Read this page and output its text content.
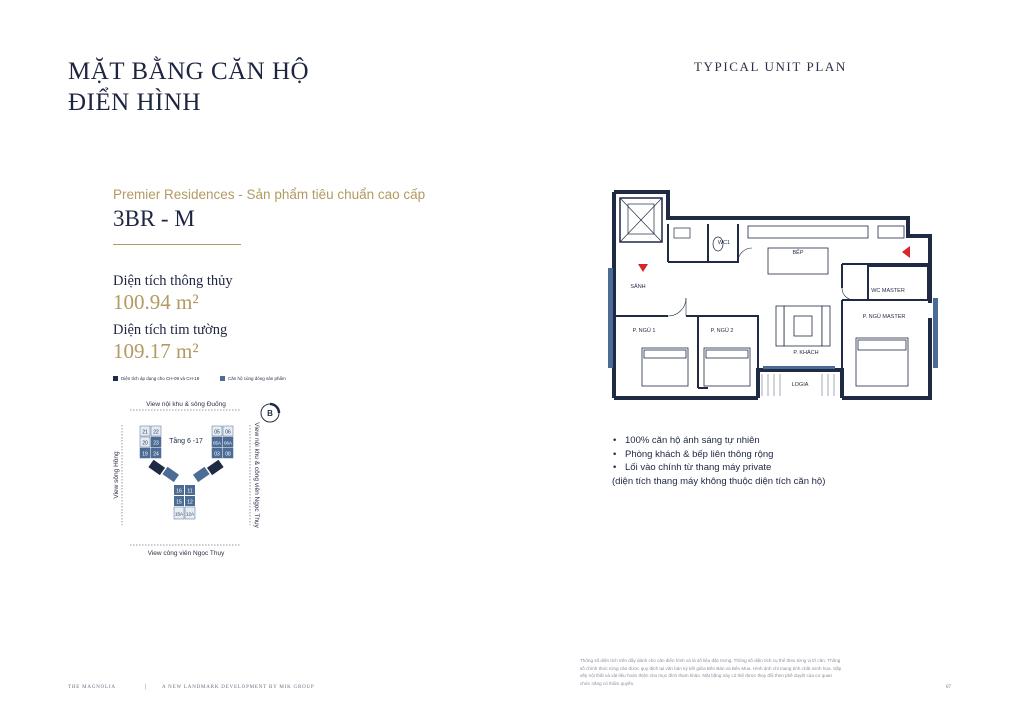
MẶT BẰNG CĂN HỘ
ĐIỂN HÌNH
TYPICAL UNIT PLAN
Premier Residences - Sản phẩm tiêu chuẩn cao cấp
3BR - M
Diện tích thông thủy
100.94 m²
Diện tích tim tường
109.17 m²
Diện tích áp dụng cho CH-09 và CH-18	Căn hộ cùng dòng sản phẩm
View nội khu & sông Đuống
View công viên Ngọc Thụy
View sông Hồng	View nội khu & công viên Ngọc Thụy
B
Tầng 6 -17
21 22
20 23
24
19
05 06
05A 06A
03 08
16 11
15 12
15A 12A
WC1
BẾP
SẢNH
WC MASTER
P. NGỦ 1	P. NGỦ 2
P. NGỦ MASTER
P. KHÁCH
LOGIA
• 100% căn hộ ánh sáng tự nhiên
• Phòng khách & bếp liên thông rộng
• Lối vào chính từ thang máy private
(diện tích thang máy không thuộc diện tích căn hộ)
Thông số diện tích trên đây dành cho căn điển hình và là số liệu đặc trưng. Thông số diện tích cụ thể theo từng vị trí căn. Thông số chính thức từng căn được quy định tại văn bản ký kết giữa Bên Bán và Bên Mua. Hình ảnh chỉ mang tính chất minh họa. Sắp xếp nội thất và vật liệu hoàn thiện cho mục đích tham khảo. Mặt bằng này có thể được thay đổi theo phê duyệt của cơ quan chức năng có thẩm quyền.
THE MAGNOLIA	|	A NEW LANDMARK DEVELOPMENT BY MIK GROUP	67
